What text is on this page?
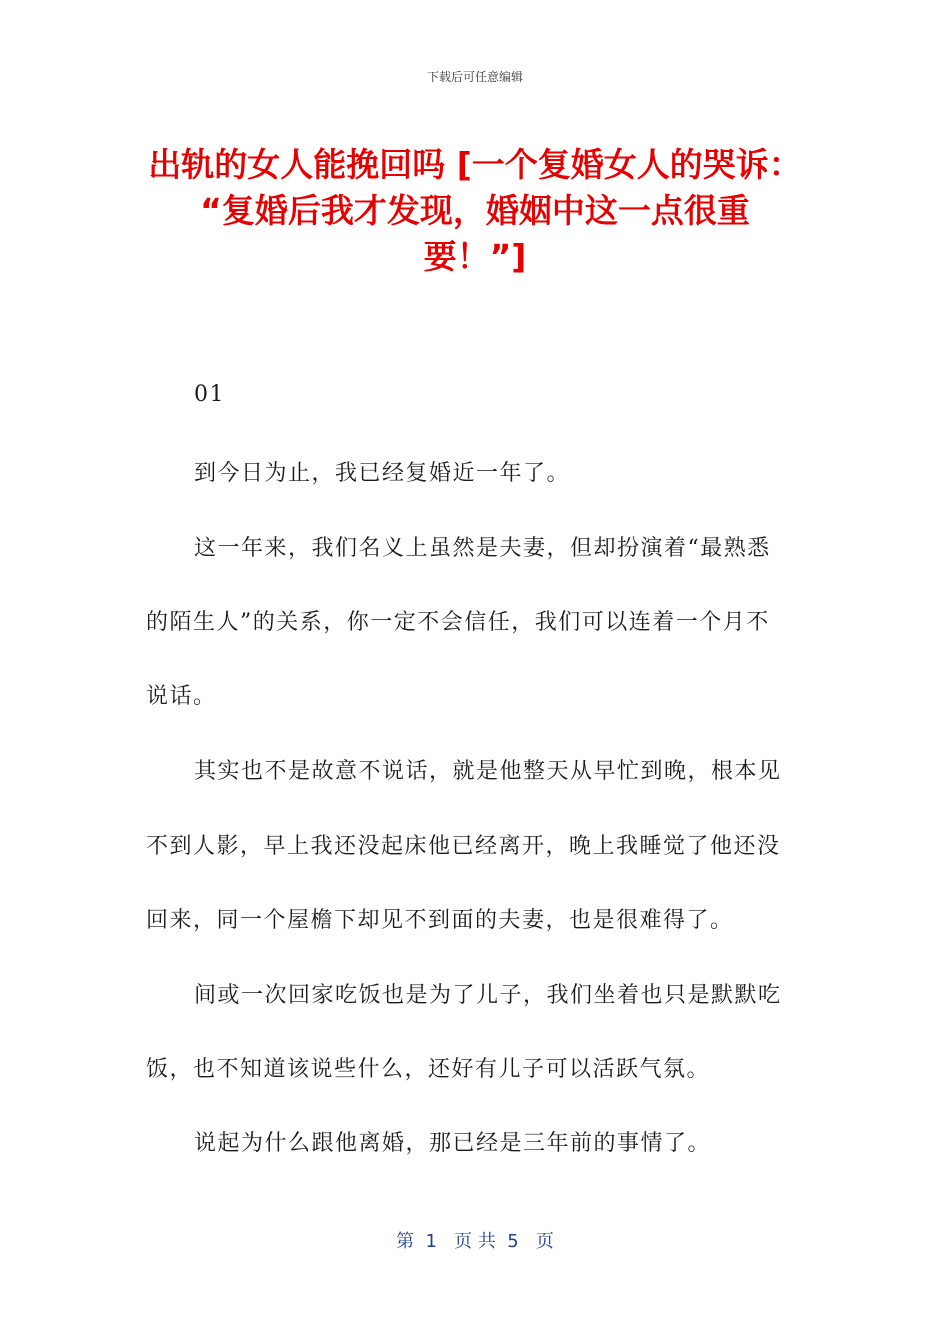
下载后可任意编辑
出轨的女人能挽回吗 [一个复婚女人的哭诉：
“复婚后我才发现，婚姻中这一点很重
要！”]
01
到今日为止，我已经复婚近一年了。
这一年来，我们名义上虽然是夫妻，但却扮演着“最熟悉
的陌生人”的关系，你一定不会信任，我们可以连着一个月不
说话。
其实也不是故意不说话，就是他整天从早忙到晚，根本见
不到人影，早上我还没起床他已经离开，晚上我睡觉了他还没
回来，同一个屋檐下却见不到面的夫妻，也是很难得了。
间或一次回家吃饭也是为了儿子，我们坐着也只是默默吃
饭，也不知道该说些什么，还好有儿子可以活跃气氛。
说起为什么跟他离婚，那已经是三年前的事情了。
第  1   页 共  5   页
